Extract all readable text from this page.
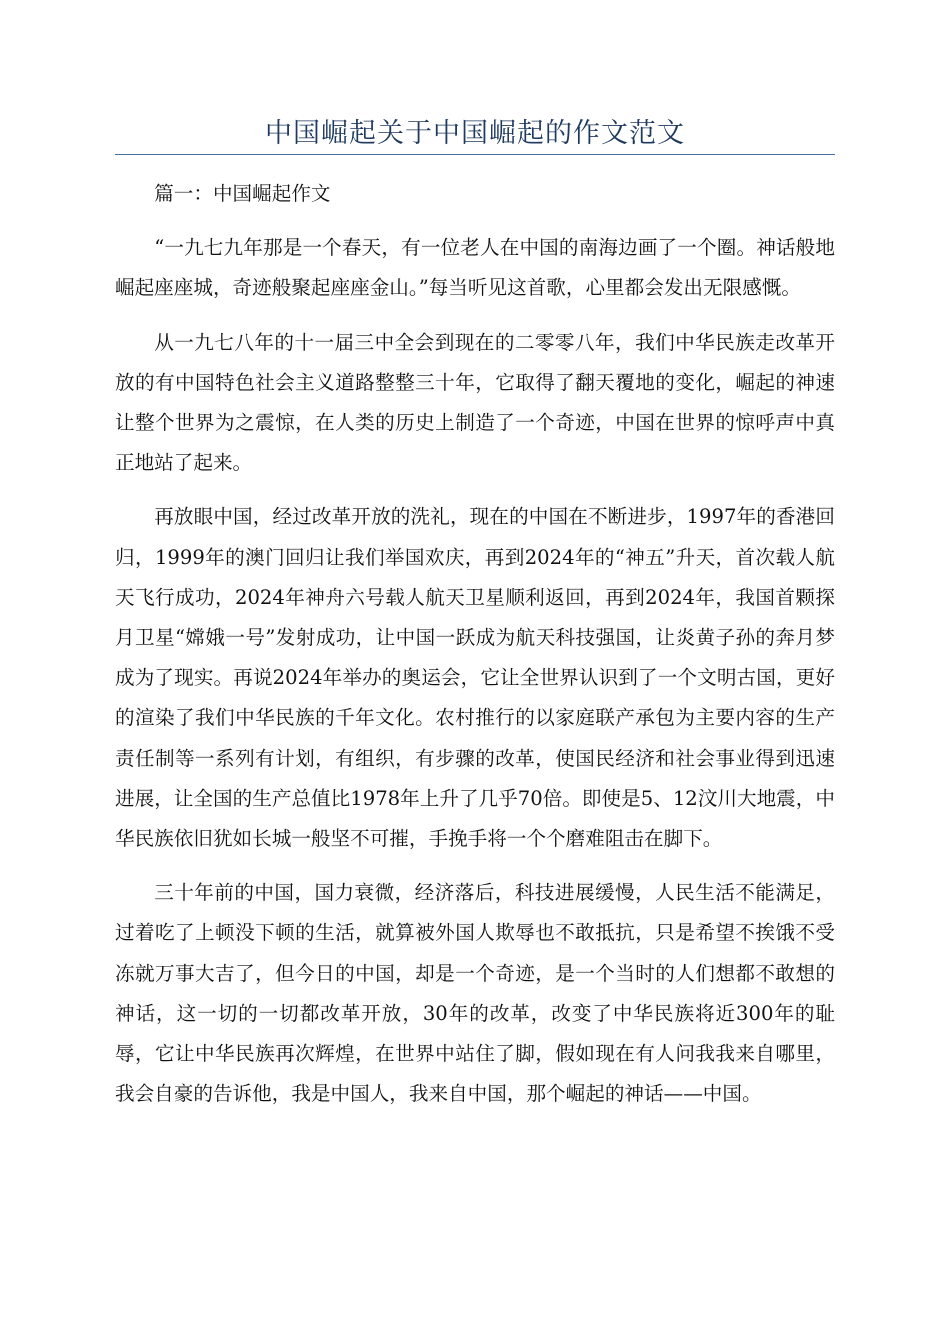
中国崛起关于中国崛起的作文范文

篇一：中国崛起作文

“一九七九年那是一个春天，有一位老人在中国的南海边画了一个圈。神话般地崛起座座城，奇迹般聚起座座金山。”每当听见这首歌，心里都会发出无限感慨。

从一九七八年的十一届三中全会到现在的二零零八年，我们中华民族走改革开放的有中国特色社会主义道路整整三十年，它取得了翻天覆地的变化，崛起的神速让整个世界为之震惊，在人类的历史上制造了一个奇迹，中国在世界的惊呼声中真正地站了起来。

再放眼中国，经过改革开放的洗礼，现在的中国在不断进步，1997年的香港回归，1999年的澳门回归让我们举国欢庆，再到2024年的“神五”升天，首次载人航天飞行成功，2024年神舟六号载人航天卫星顺利返回，再到2024年，我国首颗探月卫星“嫦娥一号”发射成功，让中国一跃成为航天科技强国，让炎黄子孙的奔月梦成为了现实。再说2024年举办的奥运会，它让全世界认识到了一个文明古国，更好的渲染了我们中华民族的千年文化。农村推行的以家庭联产承包为主要内容的生产责任制等一系列有计划，有组织，有步骤的改革，使国民经济和社会事业得到迅速进展，让全国的生产总值比1978年上升了几乎70倍。即使是5、12汶川大地震，中华民族依旧犹如长城一般坚不可摧，手挽手将一个个磨难阻击在脚下。

三十年前的中国，国力衰微，经济落后，科技进展缓慢，人民生活不能满足，过着吃了上顿没下顿的生活，就算被外国人欺辱也不敢抵抗，只是希望不挨饿不受冻就万事大吉了，但今日的中国，却是一个奇迹，是一个当时的人们想都不敢想的神话，这一切的一切都改革开放，30年的改革，改变了中华民族将近300年的耻辱，它让中华民族再次辉煌，在世界中站住了脚，假如现在有人问我我来自哪里，我会自豪的告诉他，我是中国人，我来自中国，那个崛起的神话——中国。
